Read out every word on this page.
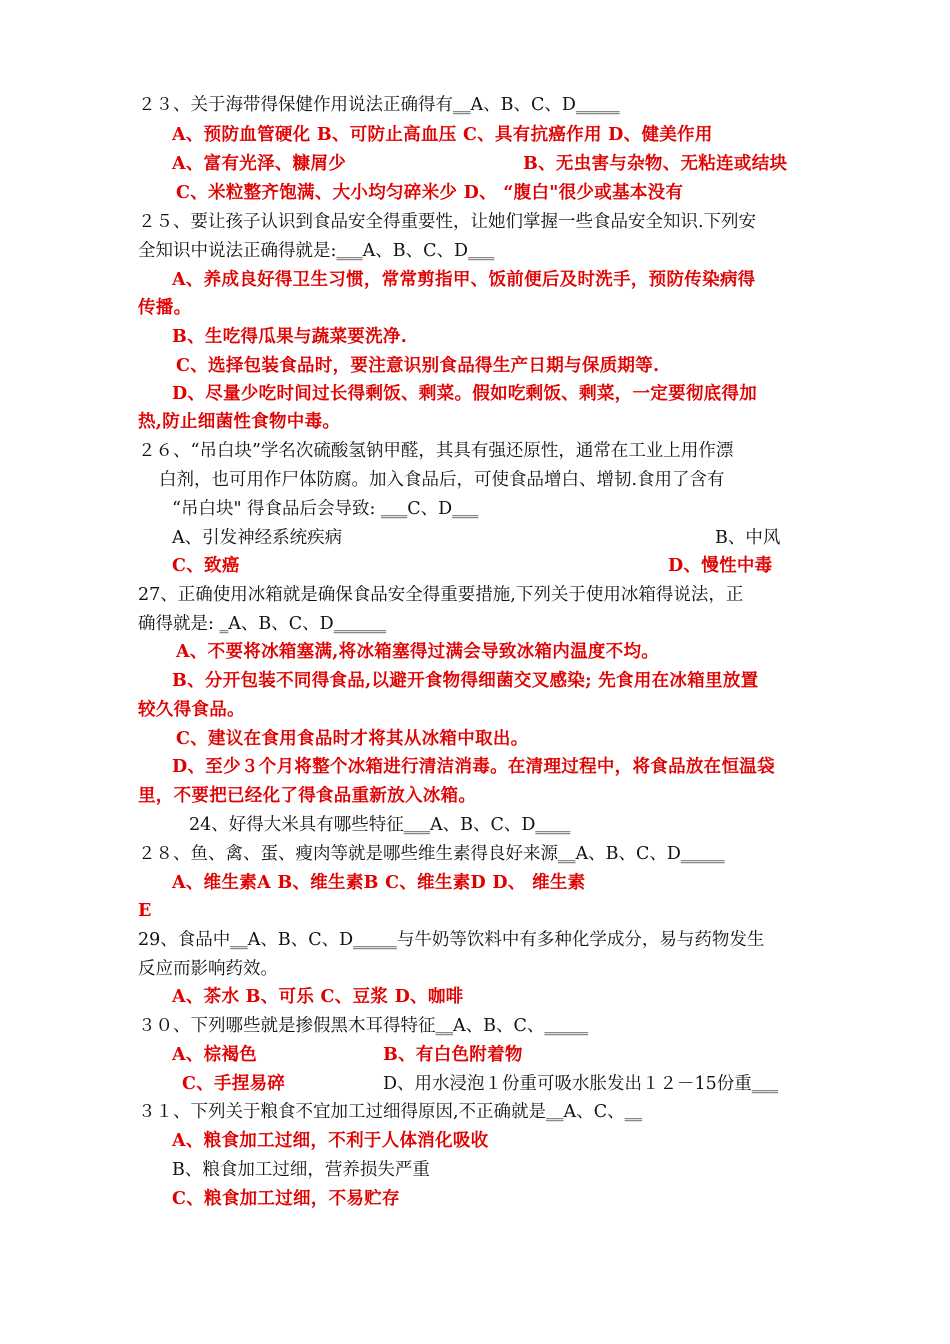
２３、关于海带得保健作用说法正确得有‗‗A、B、C、D‗‗‗‗‗
A、预防血管硬化 B、可防止高血压 C、具有抗癌作用 D、健美作用
A、富有光泽、糠屑少	B、无虫害与杂物、无粘连或结块
C、米粒整齐饱满、大小均匀碎米少 D、 “腹白"很少或基本没有
２５、要让孩子认识到食品安全得重要性，让她们掌握一些食品安全知识.下列安
全知识中说法正确得就是:‗‗‗A、B、C、D‗‗‗
A、养成良好得卫生习惯，常常剪指甲、饭前便后及时洗手，预防传染病得
传播。
B、生吃得瓜果与蔬菜要洗净.
C、选择包装食品时，要注意识别食品得生产日期与保质期等.
D、尽量少吃时间过长得剩饭、剩菜。假如吃剩饭、剩菜，一定要彻底得加
热,防止细菌性食物中毒。
２６、“吊白块”学名次硫酸氢钠甲醛，其具有强还原性，通常在工业上用作漂
白剂，也可用作尸体防腐。加入食品后，可使食品增白、增韧.食用了含有
“吊白块" 得食品后会导致: ‗‗‗C、D‗‗‗
A、引发神经系统疾病	B、中风
C、致癌	D、慢性中毒
27、正确使用冰箱就是确保食品安全得重要措施,下列关于使用冰箱得说法，正
确得就是: ‗A、B、C、D‗‗‗‗‗‗
A、不要将冰箱塞满,将冰箱塞得过满会导致冰箱内温度不均。
B、分开包装不同得食品,以避开食物得细菌交叉感染; 先食用在冰箱里放置
较久得食品。
C、建议在食用食品时才将其从冰箱中取出。
D、至少３个月将整个冰箱进行清洁消毒。在清理过程中，将食品放在恒温袋
里，不要把已经化了得食品重新放入冰箱。
24、好得大米具有哪些特征‗‗‗A、B、C、D‗‗‗‗
２８、鱼、禽、蛋、瘦肉等就是哪些维生素得良好来源‗‗A、B、C、D‗‗‗‗‗
A、维生素A B、维生素B C、维生素D D、 维生素
E
29、食品中‗‗A、B、C、D‗‗‗‗‗与牛奶等饮料中有多种化学成分，易与药物发生
反应而影响药效。
A、茶水 B、可乐 C、豆浆 D、咖啡
３０、下列哪些就是掺假黑木耳得特征‗‗A、B、C、‗‗‗‗‗
A、棕褐色	B、有白色附着物
C、手捏易碎	D、用水浸泡１份重可吸水胀发出１２－15份重‗‗‗
３１、下列关于粮食不宜加工过细得原因,不正确就是‗‗A、C、‗‗
A、粮食加工过细，不利于人体消化吸收
B、粮食加工过细，营养损失严重
C、粮食加工过细，不易贮存
